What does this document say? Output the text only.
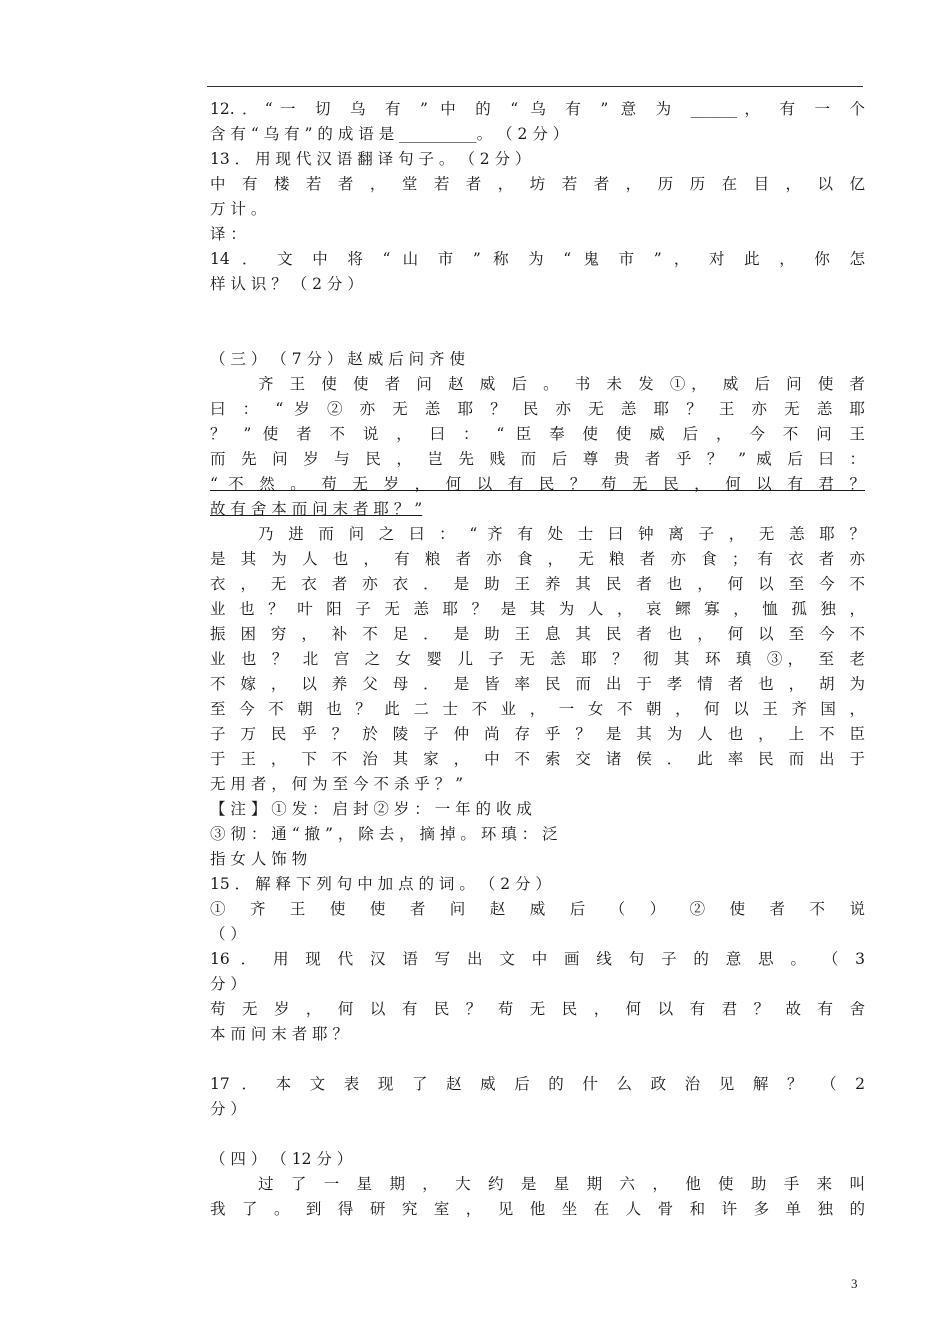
12.．“一 切 乌 有 ” 中 的 “ 乌 有 ” 意 为 ______， 有 一 个
含 有 “ 乌 有 ” 的 成 语 是 __________。 （ 2 分 ）
13 ． 用 现 代 汉 语 翻 译 句 子 。 （ 2 分 ）
中 有 楼 若 者 ， 堂 若 者 ， 坊 若 者 ， 历 历 在 目 ， 以 亿
万 计 。
译 ：
14 ． 文 中 将 “ 山 市 ” 称 为 “ 鬼 市 ” ， 对 此 ， 你 怎
样 认 识 ？ （ 2 分 ）
（ 三 ） （ 7 分 ） 赵 威 后 问 齐 使
齐 王 使 使 者 问 赵 威 后 。 书 未 发 ①， 威 后 问 使 者
曰 ： “ 岁 ② 亦 无 恙 耶 ？ 民 亦 无 恙 耶 ？ 王 亦 无 恙 耶
？ ” 使 者 不 说 ， 曰 ： “ 臣 奉 使 使 威 后 ， 今 不 问 王
而 先 问 岁 与 民 ， 岂 先 贱 而 后 尊 贵 者 乎 ？ ” 威 后 曰 ：
“ 不 然 。 苟 无 岁 ， 何 以 有 民 ？ 苟 无 民 ， 何 以 有 君 ？
故 有 舍 本 而 问 末 者 耶 ？ ”
乃 进 而 问 之 曰 ： “ 齐 有 处 士 曰 钟 离 子 ， 无 恙 耶 ？
是 其 为 人 也 ， 有 粮 者 亦 食 ， 无 粮 者 亦 食 ； 有 衣 者 亦
衣 ， 无 衣 者 亦 衣 ． 是 助 王 养 其 民 者 也 ， 何 以 至 今 不
业 也 ？ 叶 阳 子 无 恙 耶 ？ 是 其 为 人 ， 哀 鳏 寡 ， 恤 孤 独 ，
振 困 穷 ， 补 不 足 ． 是 助 王 息 其 民 者 也 ， 何 以 至 今 不
业 也 ？ 北 宫 之 女 婴 儿 子 无 恙 耶 ？ 彻 其 环 瑱 ③， 至 老
不 嫁 ， 以 养 父 母 ． 是 皆 率 民 而 出 于 孝 情 者 也 ， 胡 为
至 今 不 朝 也 ？ 此 二 士 不 业 ， 一 女 不 朝 ， 何 以 王 齐 国 ，
子 万 民 乎 ？ 於 陵 子 仲 尚 存 乎 ？ 是 其 为 人 也 ， 上 不 臣
于 王 ， 下 不 治 其 家 ， 中 不 索 交 诸 侯 ． 此 率 民 而 出 于
无 用 者 ， 何 为 至 今 不 杀 乎 ？ ”
【 注 】 ① 发 ： 启 封 ② 岁 ： 一 年 的 收 成
③ 彻 ： 通 “ 撤 ” ， 除 去 ， 摘 掉 。 环 瑱 ： 泛
指 女 人 饰 物
15 ． 解 释 下 列 句 中 加 点 的 词 。 （ 2 分 ）
① 齐 王 使 使 者 问 赵 威 后 （ ） ② 使 者 不 说
（ ）
16 ． 用 现 代 汉 语 写 出 文 中 画 线 句 子 的 意 思 。 （ 3
分 ）
苟 无 岁 ， 何 以 有 民 ？ 苟 无 民 ， 何 以 有 君 ？ 故 有 舍
本 而 问 末 者 耶 ？
17 ． 本 文 表 现 了 赵 威 后 的 什 么 政 治 见 解 ？ （ 2
分 ）
（ 四 ） （ 12 分 ）
过 了 一 星 期 ， 大 约 是 星 期 六 ， 他 使 助 手 来 叫
我 了 。 到 得 研 究 室 ， 见 他 坐 在 人 骨 和 许 多 单 独 的
3
